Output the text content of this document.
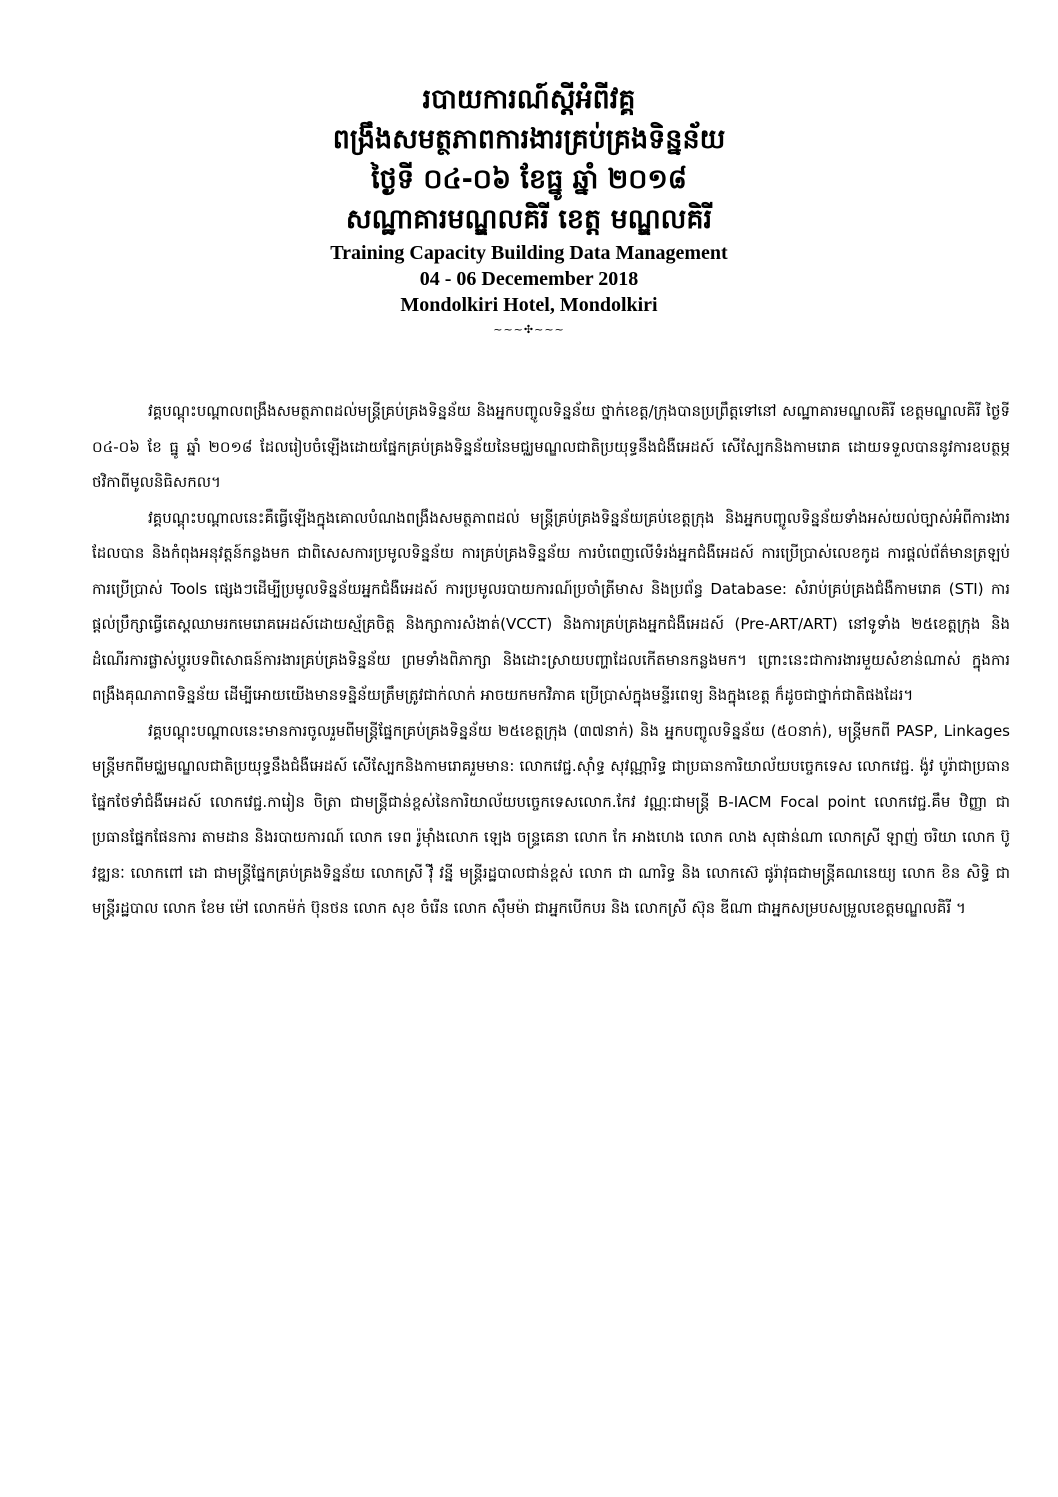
របាយការណ៍ស្តីអំពីវគ្គ

ពង្រឹងសមត្ថភាពការងារគ្រប់គ្រងទិន្នន័យ

ថ្ងៃទី ០៤-០៦ ខែធ្នូ ឆ្នាំ ២០១៨

សណ្ឋាគារមណ្ឌលគិរី ខេត្ត មណ្ឌលគិរី

Training Capacity Building Data Management

04 - 06 Decemember 2018

Mondolkiri Hotel, Mondolkiri

~~~✣~~~

វគ្គបណ្តុះបណ្តាលពង្រឹងសមត្ថភាពដល់មន្ត្រីគ្រប់គ្រងទិន្នន័យ និងអ្នកបញ្ចូលទិន្នន័យ ថ្នាក់ខេត្ត/ក្រុងបានប្រព្រឹត្តទៅនៅ សណ្ឋាគារមណ្ឌលគិរី ខេត្តមណ្ឌលគិរី ថ្ងៃទី ០៤-០៦ ខែ ធ្នូ ឆ្នាំ ២០១៨ ដែលរៀបចំឡើងដោយផ្នែកគ្រប់គ្រងទិន្នន័យនៃមជ្ឈមណ្ឌលជាតិប្រយុទ្ធនឹងជំងឺអេដស៍ សើស្បែកនិងកាមរោគ ដោយទទួលបាននូវការឧបត្ថម្ភថវិកាពីមូលនិធិសកល។

វគ្គបណ្តុះបណ្តាលនេះគឺធ្វើឡើងក្នុងគោលបំណងពង្រឹងសមត្ថភាពដល់ មន្ត្រីគ្រប់គ្រងទិន្នន័យគ្រប់ខេត្តក្រុង និងអ្នកបញ្ចូលទិន្នន័យទាំងអស់យល់ច្បាស់អំពីការងារដែលបាន និងកំពុងអនុវត្តន៍កន្លងមក ជាពិសេសការប្រមូលទិន្នន័យ ការគ្រប់គ្រងទិន្នន័យ ការបំពេញលើទំរង់អ្នកជំងឺអេដស៍ ការប្រើប្រាស់លេខកូដ ការផ្តល់ព័ត៌មានត្រឡប់ការប្រើប្រាស់ Tools ផ្សេងៗដើម្បីប្រមូលទិន្នន័យអ្នកជំងឺអេដស៍ ការប្រមូលរបាយការណ៍ប្រចាំត្រីមាស និងប្រព័ន្ធ Database: សំរាប់គ្រប់គ្រងជំងឺកាមរោគ (STI) ការផ្តល់ប្រឹក្សាធ្វើតេស្តឈាមរកមេរោគអេដស៍ដោយស្ម័គ្រចិត្ត និងក្សាការសំងាត់(VCCT) និងការគ្រប់គ្រងអ្នកជំងឺអេដស៍ (Pre-ART/ART) នៅទូទាំង ២៥ខេត្តក្រុង និងដំណើរការផ្លាស់ប្តូរបទពិសោធន៍ការងារគ្រប់គ្រងទិន្នន័យ ព្រមទាំងពិភាក្សា និងដោះស្រាយបញ្ហាដែលកើតមានកន្លងមក។ ព្រោះនេះជាការងារមួយសំខាន់ណាស់ ក្នុងការពង្រឹងគុណភាពទិន្នន័យ ដើម្បីអោយយើងមានទន្និន័យត្រឹមត្រូវជាក់លាក់ អាចយកមកវិភាគ ប្រើប្រាស់ក្នុងមន្ទីរពេទ្យ និងក្នុងខេត្ត ក៏ដូចជាថ្នាក់ជាតិផងដែរ។

វគ្គបណ្តុះបណ្តាលនេះមានការចូលរួមពីមន្ត្រីផ្នែកគ្រប់គ្រងទិន្នន័យ ២៥ខេត្តក្រុង (៣៧នាក់) និង អ្នកបញ្ចូលទិន្នន័យ (៥០នាក់), មន្ត្រីមកពី PASP, Linkages មន្ត្រីមកពីមជ្ឈមណ្ឌលជាតិប្រយុទ្ធនឹងជំងឺអេដស៍ សើស្បែកនិងកាមរោគរួមមាន: លោកវេជ្ជ.ស៉ាំទ្ធ សុវណ្ណារិទ្ធ ជាប្រធានការិយាល័យបច្ចេកទេស លោកវេជ្ជ. ង៉ូវ បូរ៉ាជាប្រធានផ្នែកថែទាំជំងឺអេដស៍ លោកវេជ្ជ.ការៀន ចិត្រា ជាមន្ត្រីជាន់ខ្ពស់នៃការិយាល័យបច្ចេកទេសលោក.កែវ វណ្ណៈជាមន្ត្រី B-IACM Focal point លោកវេជ្ជ.គឹម ឋិញ្ញា ជាប្រធានផ្នែកផែនការ តាមដាន និងរបាយការណ៍ លោក ទេព រ៉ូម៉ាំងលោក ឡេង ចន្ទ្រគេនា លោក កែ អាងហេង លោក លាង សុផាន់ណា លោកស្រី ឡាញ់ ចរិយា លោក ប៊ូ វឌ្ឍនៈ លោកពៅ ដោ ជាមន្ត្រីផ្នែកគ្រប់គ្រងទិន្នន័យ លោកស្រី វ៉ុី វន្នី មន្ត្រីរដ្ឋបាលជាន់ខ្ពស់ លោក ជា ណារិទ្ធ និង លោកស៊េ ផូរ៉ាវុធជាមន្ត្រីគណនេយ្យ លោក ខិន សិទ្ធិ ជាមន្ត្រីរដ្ឋបាល លោក ខែម ម៉ៅ លោកម៉ក់ ប៊ុនថន លោក សុខ ចំរើន លោក ស៊ឹមម៉ា ជាអ្នកបើកបរ និង លោកស្រី ស៊ុន ឌីណា ជាអ្នកសម្របសម្រួលខេត្តមណ្ឌលគិរី ។
